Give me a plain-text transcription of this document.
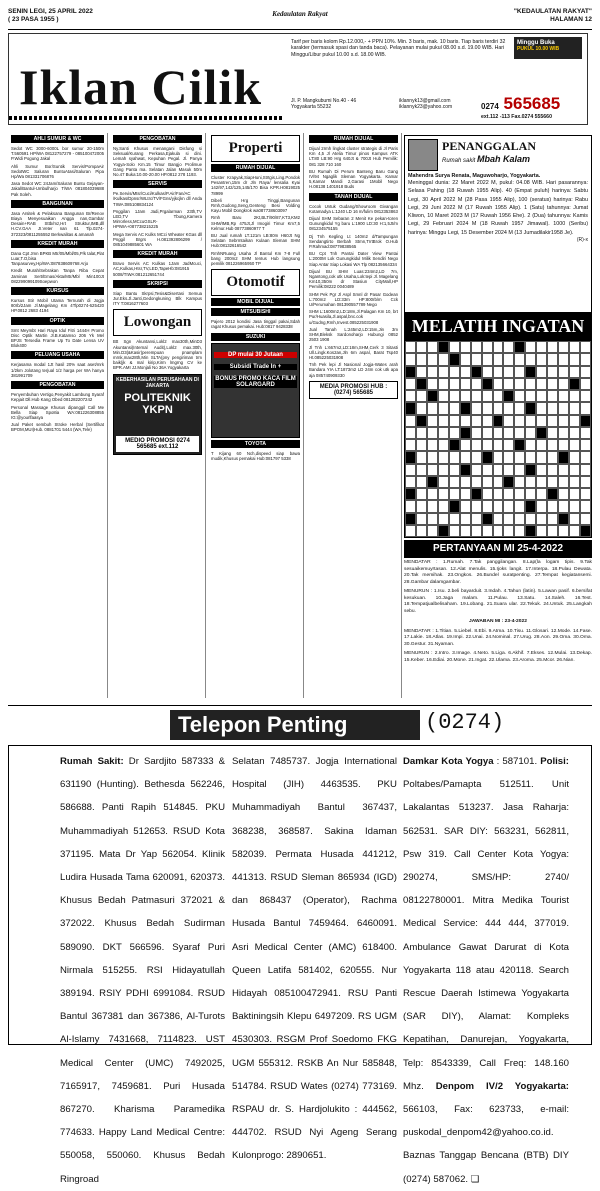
SENIN LEGI, 25 APRIL 2022
( 23 PASA 1955 )
Kedaulatan Rakyat	"KEDAULATAN RAKYAT"
HALAMAN 12
Iklan Cilik
Tarif per baris kolom Rp.12.000,- + PPN 10%. Min. 3 baris, mak. 10 baris. Tiap baris terdiri 32 karakter (termasuk spasi dan tanda baca). Pelayanan mulai pukul 08.00 s.d. 19.00 WIB. Hari Minggu/Libur pukul 10.00 s.d. 18.00 WIB.
Minggu Buka
PUKUL 10.00 WIB
Jl. P. Mangkubumi No.40 - 46
Yogyakarta 55232
iklannyk13@gmail.com
iklannyk23@yahoo.com	0274 565685
ext.112 -113 Fax.0274 555660
AHLI SUMUR & WC
Sedot WC 3000-6000L bor sumur 20-150m T.560591 HP/WA 08122757279 - 085100472005 P.Widi Pogung Jakal
Ahli Sumur Bor/Suntik Servis/PompaAir SedotWC Saluran BuntuAtasi/Saluran Pipa Hp/Wa 081331706876
Jasa Sedot WC 24Jam/Saluran Buntu Gejayan-Jakal/Bantul-Umbulharjo T/WA 081804039688 Pak Soleh.
BANGUNAN
Jasa Arsitek & Pelaksana Bangunan Br/Renov Biaya Menyesuaikan Angga nan,Gambar Desain+RAB Sttb/mz,Hrt Struktur,IMB,dll H.CV.GAA JI.Veter nan 61 Tlp.0274-372323/0811255552 Berkwalitas & amanah
KREDIT MURAH
Dana Cpt Jmn BPKB Mtr/05/Mbl/05,P/k talat,Plat Luar,T.O,bisa Tanpasurvey,Hp/WA:087838609768 Arjo
Kredit Murah/Sebrakan Tanpa Riba Cepat Jaminan Sert/Emas/Akta/Mtr/Mbl Min100Jt 082299099109Soepwon
KURSUS
Kursus Stir Mobil Utama Ternurah di Jogja 80rb/2Jam Jl.Magelang Km 4Tlp0274-625420 HP.0812 2683 4194
OPTIK
Smt Meymbt Hari Raya Idul Fitri 1444H Promo Disc Optik Martin Jl.B.Katamso 206 Yk Mel BPJS Tersedia Frame Up To Date Lensa UV Blok400
PELUANG USAHA
Kerjasama modal 1Jt hasil 20% saat aset/mrk 1/2km Jolotang terjual 1/2 harga per WA hanya 381991709
PENGOBATAN
Penyembuhan Vertigo,Penyakit Lambung Syaraf Kepjait Dll.Hub Kang Obed 081282207242
Personal Massage Khusus dipanggil Call Me Bella Siap Spo8ia WA:081226308855 IG:@yourlfaasya
Jual Paket sembuh Stroke Herbal (Sertifikat BPOM,MUI)Hub. 0881701 5444 (WA,Tele)
PENGOBATAN
Ny.Santi Khusus menangani Disfung si Seksual/Kurang Perkasa,Ejakula si dini. Lemah syahwat, Kepuhan Pegal. Jl. Panya Yogya-Solo Km.15 Timur Bangjo Prolimue Gang Panta ma. Selatan Jalan Masuk 50m No.47 Buka:10.00-20.00 HP.0812 278 1193.
SERVIS
Pe.Servis/Mtsr/Cuci/Kulkas/P.Air/Fan/AC /Kulkas/Dpnsr/WLtrc/TV/FGns/yjkcjkn dll Anda TIWA:085108834124
Pnggilan 1Jam Jadi,Prgalarman 23th,TV LED,TV Tbung,Kamera Mirrorless,MCcuGSLR-HPIWA+087738215225
Mega Servis AC Kulks MCci Wheater KGas dll Pnggil Brgrs H.081392806299 / 0851049885601 WA
KREDIT MURAH
Bravo Servis AC Kulkas 1Jam JadMcuci, AC,Kulkas,Htsr,TV,LED,TapeHb:081915 5008/TIWA:081212651744
SKRIPSI
Siap Bantu Skrpsi,Tesis&Disertasi Semua Jur.Eks.Jl.Janti,Gedongkuning Blk Kampus ITY T:0816277603
Lowongan
Btt Sgn Akuntansi,Lokl2 max30th,MinD3 Akuntansi(Internal Audit),Lokl2 max.30th, Min.D3(&Kasir)perempuan pnamplam mrnk,max28th,Min SLTA(pny pengiriman trm baik)jk & mal kirip,Kirm lmgrng CV ke BPR.AMI JJ.Monjali No 36A Yogyakarta
KEBERHASILAN PERUSAHAAN DI JAKARTA
POLITEKNIK YKPN
MEDIO PROMOSI 0274 565685 ext.112
Properti
RUMAH DIJUAL
Cluster Krapyak,SiapHuni,Strtgis,Ling.Pondok Pesantren,15m dr Jln Raya/ lensalia Kyai 142/97,142/125,145/170 Bisa KPR.H0819025 78999
Dibeli Hrg Tinggi,Bangunan Rmh,Gudong,Seng,Genteng Besi Volding Kayu Mobil Dongkrok wa087738603097
Rmh Baru 2Kt,BLT/90/87,KT3,KM2 SHM/IMB,Rp 475Jt,Jl Imogiri Timur Km7,5 Kelmur.Hub 08773860977 T
BU Jual rumah LT.121m LB:80m H60Jt Ng Selatan Sebrmtaikan Kulaan Sleman SHM Hub:08132616542
RmhNRuang Usaha Jl Bantul Km 7-8 Full bang 200m2 SHM tenIus Hub langsung pemilik 081226965950 TP
Otomotif
MOBIL DIJUAL
MITSUBISHI
Pajero 2012 kondisi Jasa tinggal pakai,Sdah ragat Khusus pemakai. Hub:0817 9428338
SUZUKI
DP mulai 30 Jutaan
Subsidi Trade In +
BONUS PROMO KACA FILM SOLARGARD
TOYOTA
T Kijang 60 Nch,dispeed siap bawa mudik,Khusus pemakai Hub:081797 5338
RUMAH DIJUAL
Dijual 2rmh lingkat cluster strategis di Jl Paris Km 4,5 Jl Atelia Timur pinos Kampus ATK LT:80 LB:90 Hrg 640Jt & 700Jt Hub Pemilik: 081 328 710 160
BU Rumah Di Perum Banteng Baru Gang IV/94 Ngaglik Sleman Yogyakarta. Kamar 5,Kamar Mandi 2,Garasi 1Mobil Nego H.08138 1401918 Buds
TANAH DIJUAL
Cocok Untuk Gudang/Showroom Givangan Kotamadya L:1240 LD 16 m/fulim 0812353863
Dijual SHM Sebaran 2 Menit Ke pekan-toren Gunungkidul Yg baru L:1900 LD:30 H:1,5Jt/m 081234575155
Dj Tnh Kegling Lt 140m2 d/Tampungan Sendangtirto Berbah Stmn,TrrtBrok O.Hub P.Rahmad:08779838565
BU Cpt Tnh Pantai Dater View Pantai L:2000M Lok Gunungkidul Milik Sendiri Nego Siap Antar Siap Lokasi WA Tlp 082135664334
Dijual BU SHM Luas:234m2,LD 7m, Ngantong,cok utk Usaha,Lok:tepi Jl. Magelang Km10,350m dr Stasiun CityMall,HP Pemilik:08222 0040489
SHM Pek Pgr Jl Aspl Smnl dr Pasar Godean L:700m2 LD:33m HP:800rb/m Cck U/Perumahan 081390557789 Nego
SHM L:1600m2,LD:18m,Jl.Palagan Km 10, brt Pur/Huasila,Jl.aspal,bnc.cok u/Gudng,Rmh,Invest.085225031908
Jual Tanah L:245m2,LD:15m,Jin 3m SHM,Bleksk Sardonoharjo Hubungi 0852 2503 1908
Jl Tnh L:667m2,LD:18m,SHM,Cerk 3 Sitasti Ull.Lingk.Kos2an,Jln 6m aspal, Barat Tsp40 Ht.085225031908
Tnh Pek lepi Jl Nasional Jogja-Wates arah Bandara YIA LT:1873m2 LD 24m cok utk apa aja 085740909330
MEDIA PROMOSI HUB : (0274) 565685
PENANGGALAN
Rumah sakit Mbah Kalam
Mahendra Surya Renata, Maguwoharjo, Yogyakarta.
Meninggal dunia: 22 Maret 2022 M, pukul: 04.08 WIB. Hari pasarannya: Selasa Pahing (18 Ruwah 1955 Alip). 40 (Empat puluh) harinya: Sabtu Legi, 30 April 2022 M (28 Pasa 1955 Alip), 100 (seratus) harinya: Rabu Legi, 29 Juni 2022 M (17 Ruwah 1955 Alip). 1 (Satu) tahunnya: Jumat Kliwon, 10 Maret 2023 M (17 Ruwah 1956 Ehe). 2 (Dua) tahunnya: Kamis Legi, 29 Februari 2024 M (18 Ruwah 1957 Jimawal). 1000 (Seribu) harinya: Minggu Legi, 15 Desember 2024 M (13 Jumadilakir1958 Je).
(R)-x
MELATIH INGATAN
PERTANYAAN MI 25-4-2022

MENDATAR : 1.Rumah. 7.Tak panggilangan. 8.Lap(la logam tipis. 9.Tak sesuaikemuyrtasan. 12.Alat menulis. 15.Ijoks langit. 17.Interpa. 18.Pulau Dewata. 20.Tak memihak. 23.Ongkos. 26.Bundel suratpenting. 27.Tempat kegiatansemi. 28.Gambar dalamgambar.

MENURUN : 1.Isu. 2.beli bayarduit. 3.Indah. 4.Tahun (latin). 5.Lawan pasif. 6.bersifat kesukuan. 10.Jaga malam. 11.Pulau. 13.Satu. 14.Saleh. 16.Test. 18.Tempatjualbelisaham. 19.Lobang. 21.Suara ular. 22.Tekuk. 24.Untuk. 25.Langkah sebu.

JAWABAN MI : 23-4-2022

MENDATAR : 1.Titian. 5.Liebel. 8.Ebi. 9.Atma. 10.Tisu. 11.Glosari. 12.Mode. 14.Fase. 17.Lakie. 18.Atlas. 19.Impi. 22.Unai. 24.Nominal. 27.Urug. 28.Aon. 29.Oma. 30.Oma. 30.Gestur. 31.Nyaman.

MENURUN : 2.Intro. 3.Image. 4.Neto. 5.Liga. 6.Akhif. 7.Ekses. 12.Mulai. 13.Dekap. 15.Keber. 16.Ediai. 20.Mone. 21.Ingat. 22.Ulama. 23.Aroma. 25.Mcor. 26.Nian.

Telepon Penting	(0274)
Rumah Sakit: Dr Sardjito 587333 & 631190 (Hunting). Bethesda 562246, 586688. Panti Rapih 514845. PKU Muhammadiyah 512653. RSUD Kota 371195. Mata Dr Yap 562054. Klinik Ludira Husada Tama 620091, 620373. Khusus Bedah Patmasuri 372021 & 372022. Khusus Bedah Sudirman 589090. DKT 566596. Syaraf Puri Nirmala 515255. RSI Hidayatullah 389194. RSIY PDHI 6991084. RSUD Bantul 367381 dan 367386, Al-Turots Al-Islamy 7431668, 7114823. UST Medical Center (UMC) 7492025, 7165917, 7459681. Puri Husada 867270. Kharisma Paramedika 774633. Happy Land Medical Centre: 550058, 550060. Khusus Bedah Ringroad
Selatan 7485737. Jogja International Hospital (JIH) 4463535. PKU Muhammadiyah Bantul 367437, 368238, 368587. Sakina Idaman 582039. Permata Husada 441212, 441313. RSUD Sleman 865934 (IGD) dan 868437 (Operator), Rachma Husada Bantul 7459464. 6460091. Asri Medical Center (AMC) 618400. Queen Latifa 581402, 620555. Nur Hidayah 085100472941. RSU Panti Baktiningsih Klepu 6497209. RS UGM 4530303. RSGM Prof Soedomo FKG UGM 555312. RSKB An Nur 585848, 514784. RSUD Wates (0274) 773169. RSPAU dr. S. Hardjolukito : 444562, 444702. RSUD Nyi Ageng Serang Kulonprogo: 2890651.
Damkar Kota Yogya : 587101. Polisi: Poltabes/Pamapta 512511. Unit Lakalantas 513237. Jasa Raharja: 562531. SAR DIY: 563231, 562811, Psw 319. Call Center Kota Yogya: 290274, SMS/HP: 2740/ 08122780001. Mitra Medika Tourist Medical Service: 444 444, 377019. Ambulance Gawat Darurat di Kota Yogyakarta 118 atau 420118. Search Rescue Daerah Istimewa Yogyakarta (SAR DIY), Alamat: Kompleks Kepatihan, Danurejan, Yogyakarta, Telp: 8543339, Call Freq: 148.160 Mhz. Denpom IV/2 Yogyakarta: 566103, Fax: 623733, e-mail: puskodal_denpom42@yahoo.co.id. Baznas Tanggap Bencana (BTB) DIY (0274) 587062. ❏
